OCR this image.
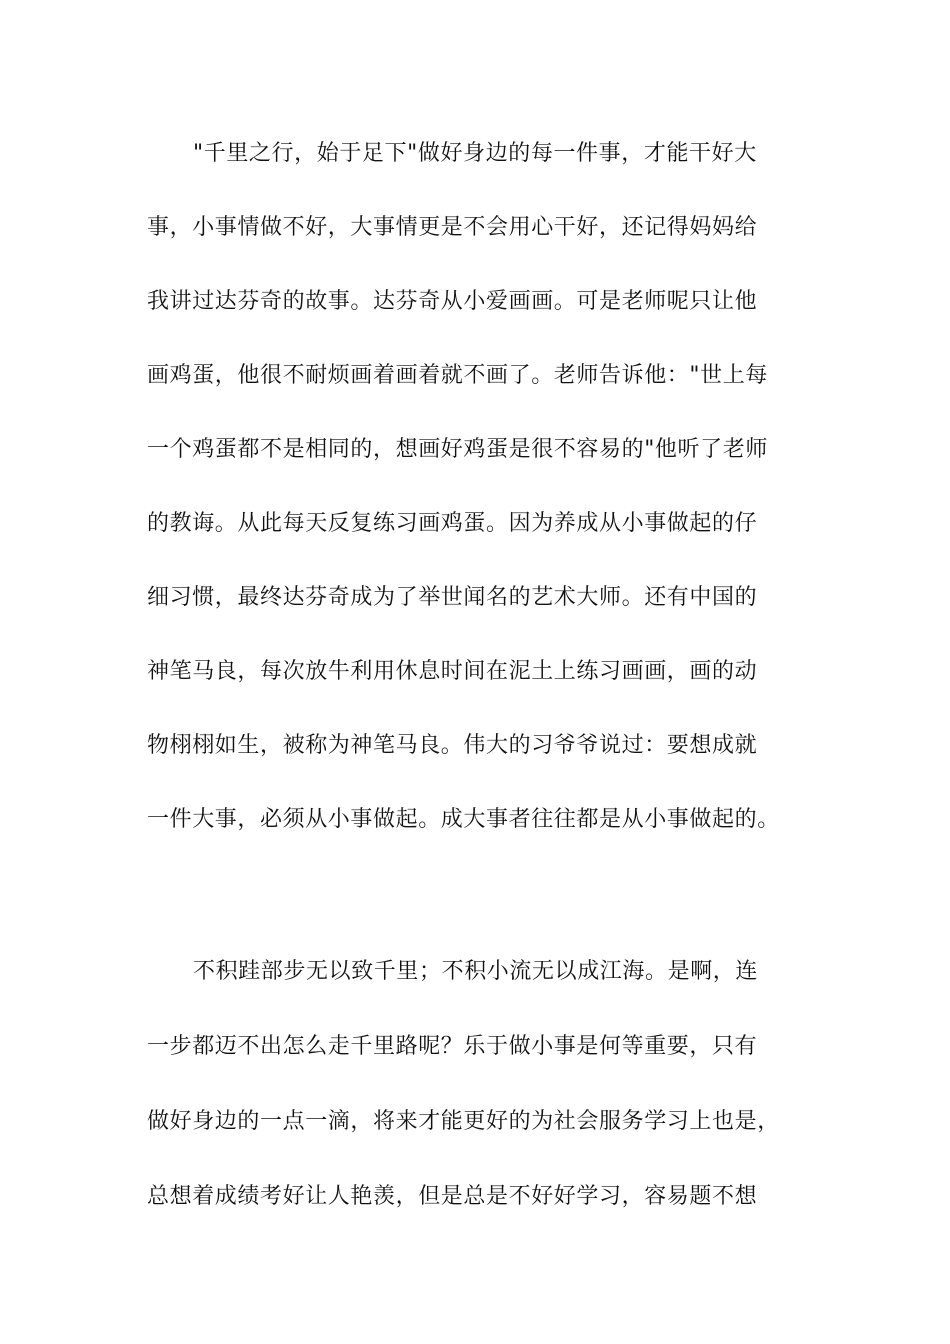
"千里之行，始于足下"做好身边的每一件事，才能干好大
事，小事情做不好，大事情更是不会用心干好，还记得妈妈给
我讲过达芬奇的故事。达芬奇从小爱画画。可是老师呢只让他
画鸡蛋，他很不耐烦画着画着就不画了。老师告诉他："世上每
一个鸡蛋都不是相同的，想画好鸡蛋是很不容易的"他听了老师
的教诲。从此每天反复练习画鸡蛋。因为养成从小事做起的仔
细习惯，最终达芬奇成为了举世闻名的艺术大师。还有中国的
神笔马良，每次放牛利用休息时间在泥土上练习画画，画的动
物栩栩如生，被称为神笔马良。伟大的习爷爷说过：要想成就
一件大事，必须从小事做起。成大事者往往都是从小事做起的。
不积跬部步无以致千里；不积小流无以成江海。是啊，连
一步都迈不出怎么走千里路呢？乐于做小事是何等重要，只有
做好身边的一点一滴，将来才能更好的为社会服务学习上也是，
总想着成绩考好让人艳羡，但是总是不好好学习，容易题不想
